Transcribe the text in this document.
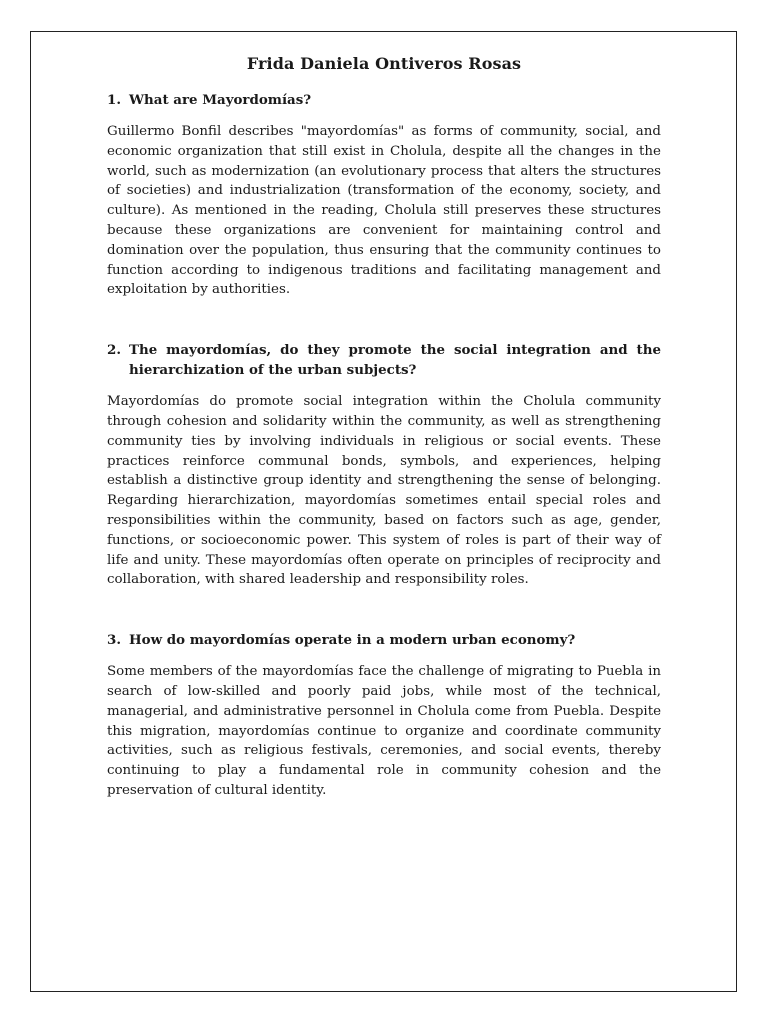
Frida Daniela Ontiveros Rosas
1. What are Mayordomías?

Guillermo Bonfil describes "mayordomías" as forms of community, social, and economic organization that still exist in Cholula, despite all the changes in the world, such as modernization (an evolutionary process that alters the structures of societies) and industrialization (transformation of the economy, society, and culture). As mentioned in the reading, Cholula still preserves these structures because these organizations are convenient for maintaining control and domination over the population, thus ensuring that the community continues to function according to indigenous traditions and facilitating management and exploitation by authorities.

2. The mayordomías, do they promote the social integration and the hierarchization of the urban subjects?

Mayordomías do promote social integration within the Cholula community through cohesion and solidarity within the community, as well as strengthening community ties by involving individuals in religious or social events. These practices reinforce communal bonds, symbols, and experiences, helping establish a distinctive group identity and strengthening the sense of belonging. Regarding hierarchization, mayordomías sometimes entail special roles and responsibilities within the community, based on factors such as age, gender, functions, or socioeconomic power. This system of roles is part of their way of life and unity. These mayordomías often operate on principles of reciprocity and collaboration, with shared leadership and responsibility roles.

3. How do mayordomías operate in a modern urban economy?

Some members of the mayordomías face the challenge of migrating to Puebla in search of low-skilled and poorly paid jobs, while most of the technical, managerial, and administrative personnel in Cholula come from Puebla. Despite this migration, mayordomías continue to organize and coordinate community activities, such as religious festivals, ceremonies, and social events, thereby continuing to play a fundamental role in community cohesion and the preservation of cultural identity.
